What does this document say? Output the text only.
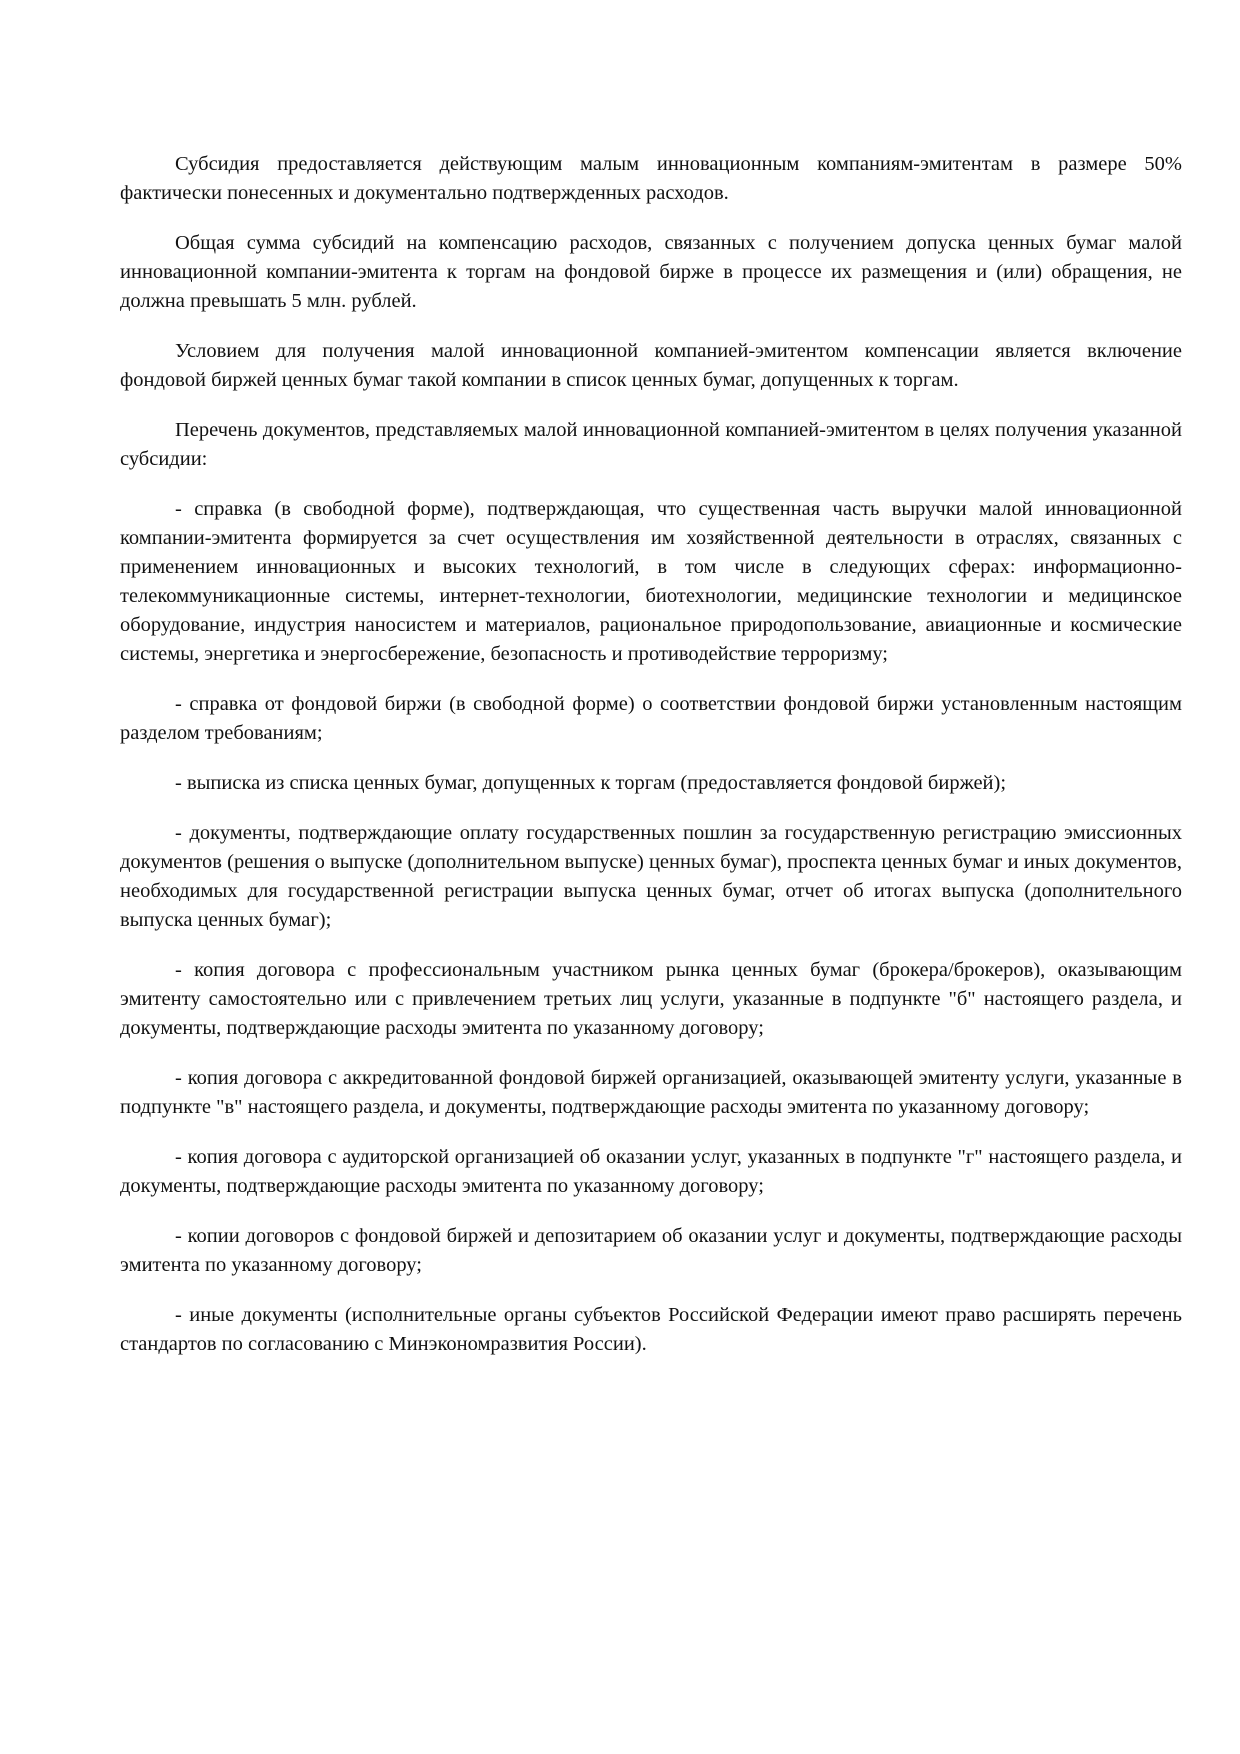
Субсидия предоставляется действующим малым инновационным компаниям-эмитентам в размере 50% фактически понесенных и документально подтвержденных расходов.

Общая сумма субсидий на компенсацию расходов, связанных с получением допуска ценных бумаг малой инновационной компании-эмитента к торгам на фондовой бирже в процессе их размещения и (или) обращения, не должна превышать 5 млн. рублей.

Условием для получения малой инновационной компанией-эмитентом компенсации является включение фондовой биржей ценных бумаг такой компании в список ценных бумаг, допущенных к торгам.

Перечень документов, представляемых малой инновационной компанией-эмитентом в целях получения указанной субсидии:

- справка (в свободной форме), подтверждающая, что существенная часть выручки малой инновационной компании-эмитента формируется за счет осуществления им хозяйственной деятельности в отраслях, связанных с применением инновационных и высоких технологий, в том числе в следующих сферах: информационно-телекоммуникационные системы, интернет-технологии, биотехнологии, медицинские технологии и медицинское оборудование, индустрия наносистем и материалов, рациональное природопользование, авиационные и космические системы, энергетика и энергосбережение, безопасность и противодействие терроризму;

- справка от фондовой биржи (в свободной форме) о соответствии фондовой биржи установленным настоящим разделом требованиям;

- выписка из списка ценных бумаг, допущенных к торгам (предоставляется фондовой биржей);

- документы, подтверждающие оплату государственных пошлин за государственную регистрацию эмиссионных документов (решения о выпуске (дополнительном выпуске) ценных бумаг), проспекта ценных бумаг и иных документов, необходимых для государственной регистрации выпуска ценных бумаг, отчет об итогах выпуска (дополнительного выпуска ценных бумаг);

- копия договора с профессиональным участником рынка ценных бумаг (брокера/брокеров), оказывающим эмитенту самостоятельно или с привлечением третьих лиц услуги, указанные в подпункте "б" настоящего раздела, и документы, подтверждающие расходы эмитента по указанному договору;

- копия договора с аккредитованной фондовой биржей организацией, оказывающей эмитенту услуги, указанные в подпункте "в" настоящего раздела, и документы, подтверждающие расходы эмитента по указанному договору;

- копия договора с аудиторской организацией об оказании услуг, указанных в подпункте "г" настоящего раздела, и документы, подтверждающие расходы эмитента по указанному договору;

- копии договоров с фондовой биржей и депозитарием об оказании услуг и документы, подтверждающие расходы эмитента по указанному договору;

- иные документы (исполнительные органы субъектов Российской Федерации имеют право расширять перечень стандартов по согласованию с Минэкономразвития России).
